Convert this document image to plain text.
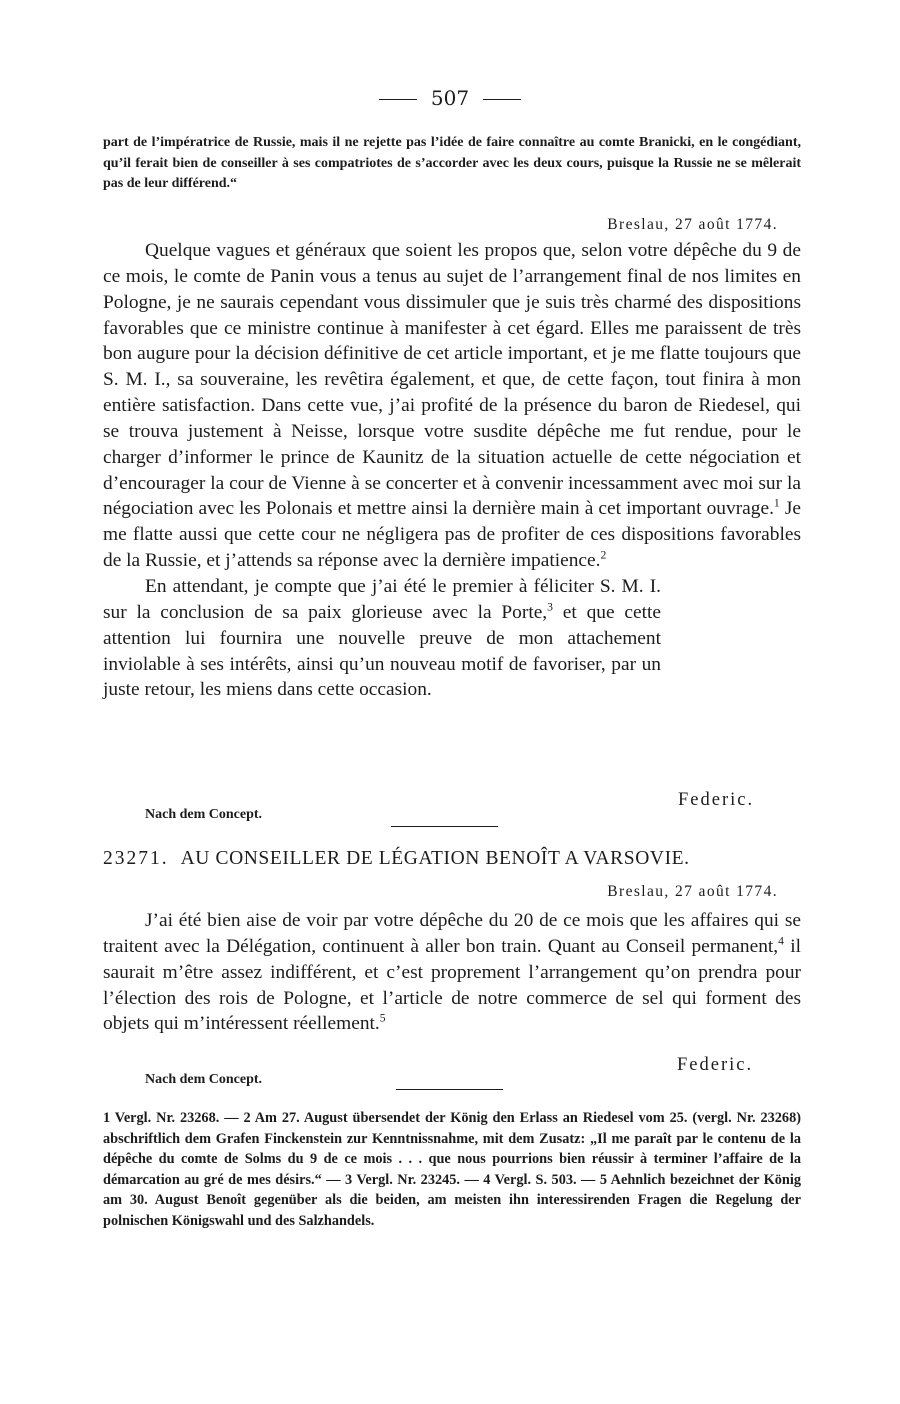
507
part de l’impératrice de Russie, mais il ne rejette pas l’idée de faire connaître au comte Branicki, en le congédiant, qu’il ferait bien de conseiller à ses compatriotes de s’accorder avec les deux cours, puisque la Russie ne se mêlerait pas de leur différend.“
Breslau, 27 août 1774.
Quelque vagues et généraux que soient les propos que, selon votre dépêche du 9 de ce mois, le comte de Panin vous a tenus au sujet de l’arrangement final de nos limites en Pologne, je ne saurais cependant vous dissimuler que je suis très charmé des dispositions favorables que ce ministre continue à manifester à cet égard. Elles me paraissent de très bon augure pour la décision définitive de cet article important, et je me flatte toujours que S. M. I., sa souveraine, les revêtira également, et que, de cette façon, tout finira à mon entière satisfaction. Dans cette vue, j’ai profité de la présence du baron de Riedesel, qui se trouva justement à Neisse, lorsque votre susdite dépêche me fut rendue, pour le charger d’informer le prince de Kaunitz de la situation actuelle de cette négociation et d’encourager la cour de Vienne à se concerter et à convenir incessamment avec moi sur la négociation avec les Polonais et mettre ainsi la dernière main à cet important ouvrage.$^1$ Je me flatte aussi que cette cour ne négligera pas de profiter de ces dispositions favorables de la Russie, et j’attends sa réponse avec la dernière impatience.$^2$
En attendant, je compte que j’ai été le premier à féliciter S. M. I. sur la conclusion de sa paix glorieuse avec la Porte,$^3$ et que cette attention lui fournira une nouvelle preuve de mon attachement inviolable à ses intérêts, ainsi qu’un nouveau motif de favoriser, par un juste retour, les miens dans cette occasion.
Federic.
Nach dem Concept.
23271. AU CONSEILLER DE LÉGATION BENOÎT A VARSOVIE.
Breslau, 27 août 1774.
J’ai été bien aise de voir par votre dépêche du 20 de ce mois que les affaires qui se traitent avec la Délégation, continuent à aller bon train. Quant au Conseil permanent,$^4$ il saurait m’être assez indifférent, et c’est proprement l’arrangement qu’on prendra pour l’élection des rois de Pologne, et l’article de notre commerce de sel qui forment des objets qui m’intéressent réellement.$^5$
Federic.
Nach dem Concept.
1 Vergl. Nr. 23268. — 2 Am 27. August übersendet der König den Erlass an Riedesel vom 25. (vergl. Nr. 23268) abschriftlich dem Grafen Finckenstein zur Kenntnissnahme, mit dem Zusatz: „Il me paraît par le contenu de la dépêche du comte de Solms du 9 de ce mois . . . que nous pourrions bien réussir à terminer l’affaire de la démarcation au gré de mes désirs.“ — 3 Vergl. Nr. 23245. — 4 Vergl. S. 503. — 5 Aehnlich bezeichnet der König am 30. August Benoît gegenüber als die beiden, am meisten ihn interessirenden Fragen die Regelung der polnischen Königswahl und des Salzhandels.
